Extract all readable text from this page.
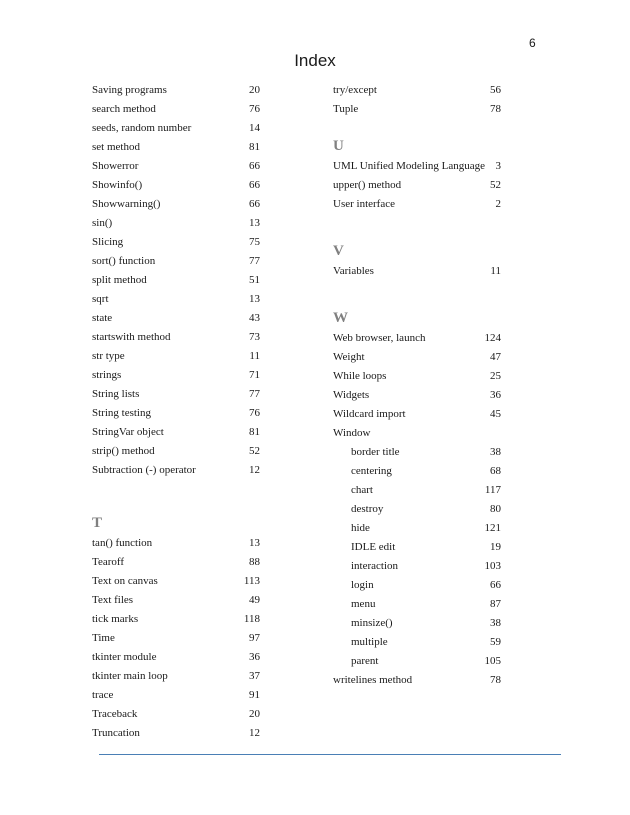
6
Index
Saving programs	20
search method	76
seeds, random number	14
set method	81
Showerror	66
Showinfo()	66
Showwarning()	66
sin()	13
Slicing	75
sort() function	77
split method	51
sqrt	13
state	43
startswith method	73
str type	11
strings	71
String lists	77
String testing	76
StringVar object	81
strip() method	52
Subtraction (-) operator	12
T
tan() function	13
Tearoff	88
Text on canvas	113
Text files	49
tick marks	118
Time	97
tkinter module	36
tkinter main loop	37
trace	91
Traceback	20
Truncation	12
try/except	56
Tuple	78
U
UML Unified Modeling Language 3
upper() method	52
User interface	2
V
Variables	11
W
Web browser, launch	124
Weight	47
While loops	25
Widgets	36
Wildcard import	45
Window
border title	38
centering	68
chart	117
destroy	80
hide	121
IDLE edit	19
interaction	103
login	66
menu	87
minsize()	38
multiple	59
parent	105
writelines method	78
